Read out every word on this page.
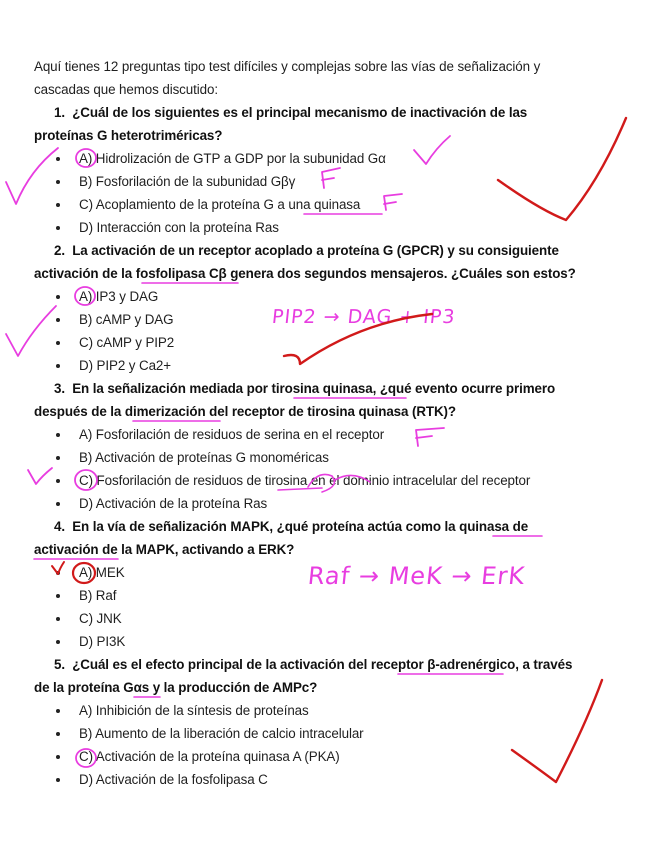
Aquí tienes 12 preguntas tipo test difíciles y complejas sobre las vías de señalización y
cascadas que hemos discutido:
1. ¿Cuál de los siguientes es el principal mecanismo de inactivación de las
proteínas G heterotriméricas?
A) Hidrolización de GTP a GDP por la subunidad Gα
B) Fosforilación de la subunidad Gβγ
C) Acoplamiento de la proteína G a una quinasa
D) Interacción con la proteína Ras
2. La activación de un receptor acoplado a proteína G (GPCR) y su consiguiente
activación de la fosfolipasa Cβ genera dos segundos mensajeros. ¿Cuáles son estos?
A) IP3 y DAG
B) cAMP y DAG
C) cAMP y PIP2
D) PIP2 y Ca2+
3. En la señalización mediada por tirosina quinasa, ¿qué evento ocurre primero
después de la dimerización del receptor de tirosina quinasa (RTK)?
A) Fosforilación de residuos de serina en el receptor
B) Activación de proteínas G monoméricas
C) Fosforilación de residuos de tirosina en el dominio intracelular del receptor
D) Activación de la proteína Ras
4. En la vía de señalización MAPK, ¿qué proteína actúa como la quinasa de
activación de la MAPK, activando a ERK?
A) MEK
B) Raf
C) JNK
D) PI3K
5. ¿Cuál es el efecto principal de la activación del receptor β-adrenérgico, a través
de la proteína Gαs y la producción de AMPc?
A) Inhibición de la síntesis de proteínas
B) Aumento de la liberación de calcio intracelular
C) Activación de la proteína quinasa A (PKA)
D) Activación de la fosfolipasa C
PIP2 → DAG + IP3
Raf → MeK → ErK
